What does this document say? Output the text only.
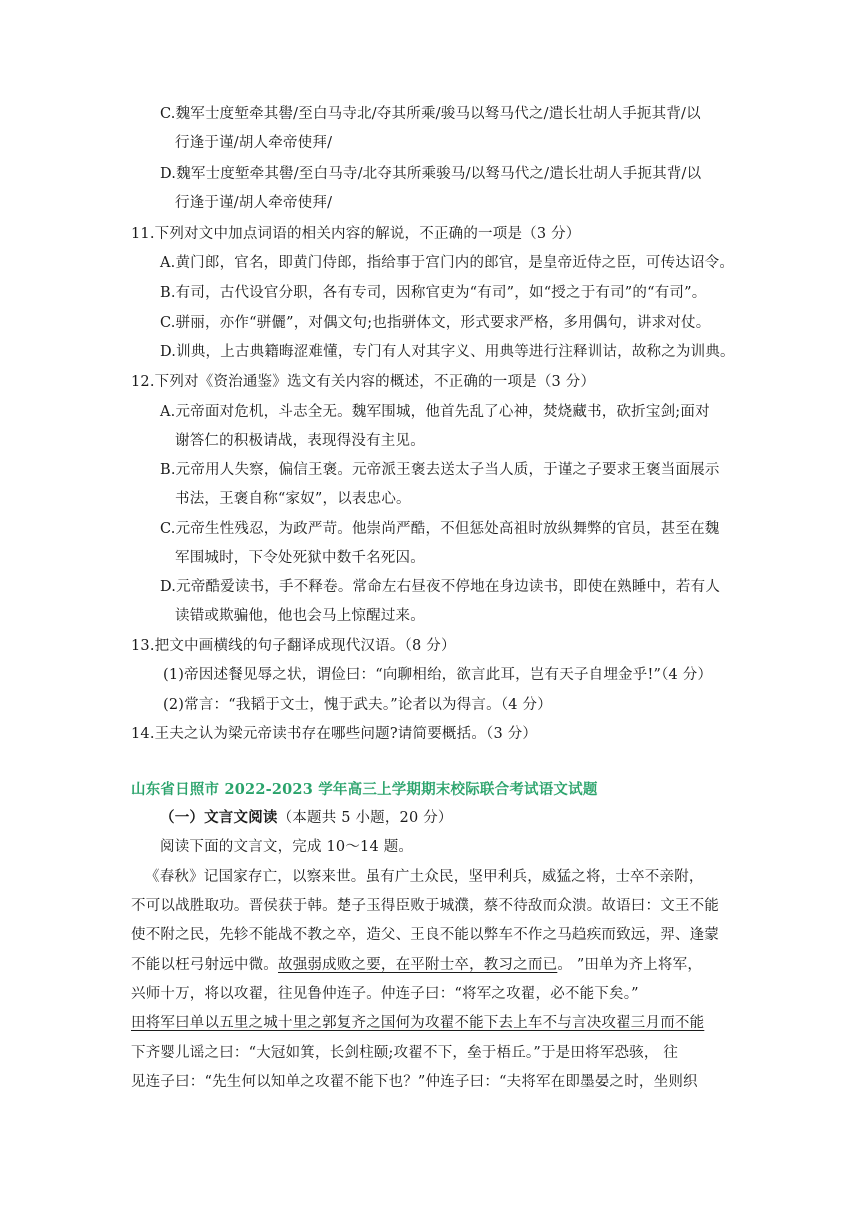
C.魏军士度堑牵其嚳/至白马寺北/夺其所乘/骏马以驽马代之/遣长壮胡人手扼其背/以
行逢于谨/胡人牵帝使拜/
D.魏军士度堑牵其嚳/至白马寺/北夺其所乘骏马/以驽马代之/遣长壮胡人手扼其背/以
行逢于谨/胡人牵帝使拜/
11.下列对文中加点词语的相关内容的解说，不正确的一项是（3 分）
A.黄门郎，官名，即黄门侍郎，指给事于宫门内的郎官，是皇帝近侍之臣，可传达诏令。
B.有司，古代设官分职，各有专司，因称官吏为“有司”，如“授之于有司”的“有司”。
C.骈丽，亦作“骈儷”，对偶文句;也指骈体文，形式要求严格，多用偶句，讲求对仗。
D.训典，上古典籍晦涩难懂，专门有人对其字义、用典等进行注释训诂，故称之为训典。
12.下列对《资治通鉴》选文有关内容的概述，不正确的一项是（3 分）
A.元帝面对危机，斗志全无。魏军围城，他首先乱了心神，焚烧藏书，砍折宝剑;面对
谢答仁的积极请战，表现得没有主见。
B.元帝用人失察，偏信王褒。元帝派王褒去送太子当人质，于谨之子要求王褒当面展示
书法，王褒自称“家奴”，以表忠心。
C.元帝生性残忍，为政严苛。他崇尚严酷，不但惩处高祖时放纵舞弊的官员，甚至在魏
军围城时，下令处死狱中数千名死囚。
D.元帝酷爱读书，手不释卷。常命左右昼夜不停地在身边读书，即使在熟睡中，若有人
读错或欺骗他，他也会马上惊醒过来。
13.把文中画横线的句子翻译成现代汉语。（8 分）
(1)帝因述餐见辱之状，谓俭曰：“向聊相绐，欲言此耳，岂有天子自埋金乎!”（4 分）
(2)常言：“我韬于文士，愧于武夫。”论者以为得言。（4 分）
14.王夫之认为梁元帝读书存在哪些问题?请简要概括。（3 分）
山东省日照市 2022-2023 学年高三上学期期末校际联合考试语文试题
（一）文言文阅读（本题共 5 小题，20 分）
阅读下面的文言文，完成 10～14 题。
《春秋》记国家存亡，以察来世。虽有广土众民，坚甲利兵，威猛之将，士卒不亲附，
不可以战胜取功。晋侯获于韩。楚子玉得臣败于城濮，蔡不待敌而众溃。故语曰：文王不能
使不附之民，先轸不能战不教之卒，造父、王良不能以弊车不作之马趋疾而致远，羿、逢蒙
不能以枉弓射远中微。故强弱成败之要，在平附士卒，教习之而已。 ”田单为齐上将军，
兴师十万，将以攻翟，往见鲁仲连子。仲连子曰：“将军之攻翟，必不能下矣。”
田将军曰单以五里之城十里之郭复齐之国何为攻翟不能下去上车不与言决攻翟三月而不能
下齐婴儿谣之曰：“大冠如箕，长剑柱颐;攻翟不下，垒于梧丘。”于是田将军恐骇， 往
见连子曰：“先生何以知单之攻翟不能下也？”仲连子曰：“夫将军在即墨晏之时，坐则织
